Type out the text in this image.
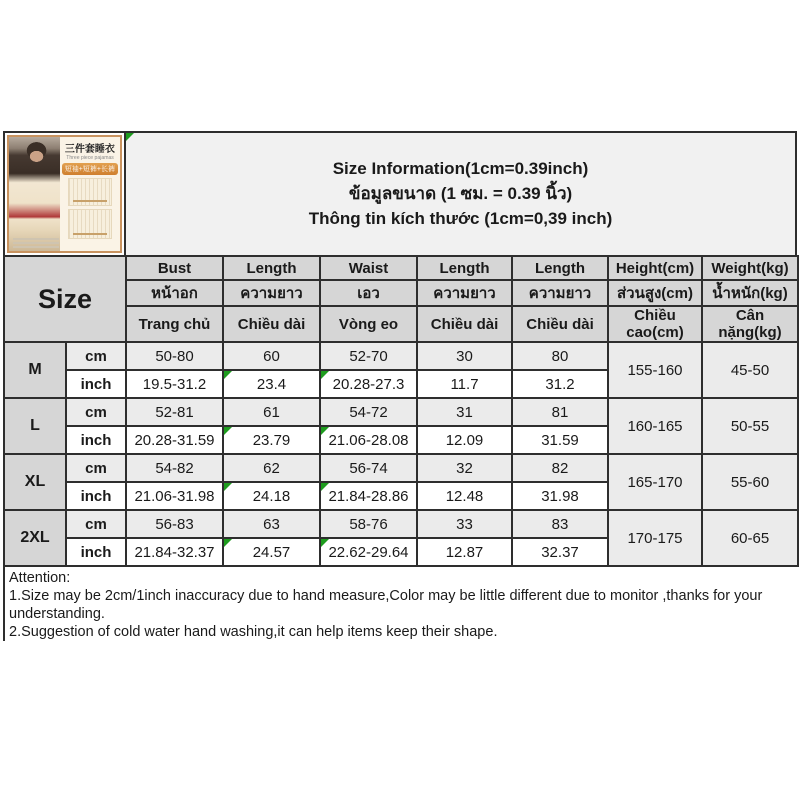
三件套睡衣
Three piece pajamas
短袖+短裤+长裤	Size Information(1cm=0.39inch)
ข้อมูลขนาด (1 ซม. = 0.39 นิ้ว)
Thông tin kích thước (1cm=0,39 inch)
Size		Bust	Length	Waist	Length	Length	Height(cm)	Weight(kg)
		หน้าอก	ความยาว	เอว	ความยาว	ความยาว	ส่วนสูง(cm)	น้ำหนัก(kg)
		Trang chủ	Chiều dài	Vòng eo	Chiều dài	Chiều dài	Chiều cao(cm)	Cân nặng(kg)
M	cm	50-80	60	52-70	30	80	155-160	45-50
	inch	19.5-31.2	23.4	20.28-27.3	11.7	31.2		
L	cm	52-81	61	54-72	31	81	160-165	50-55
	inch	20.28-31.59	23.79	21.06-28.08	12.09	31.59		
XL	cm	54-82	62	56-74	32	82	165-170	55-60
	inch	21.06-31.98	24.18	21.84-28.86	12.48	31.98		
2XL	cm	56-83	63	58-76	33	83	170-175	60-65
	inch	21.84-32.37	24.57	22.62-29.64	12.87	32.37		
Attention:
1.Size may be 2cm/1inch inaccuracy due to hand measure,Color may be little different due to monitor ,thanks for your understanding.
2.Suggestion of cold water hand washing,it can help items keep their shape.
